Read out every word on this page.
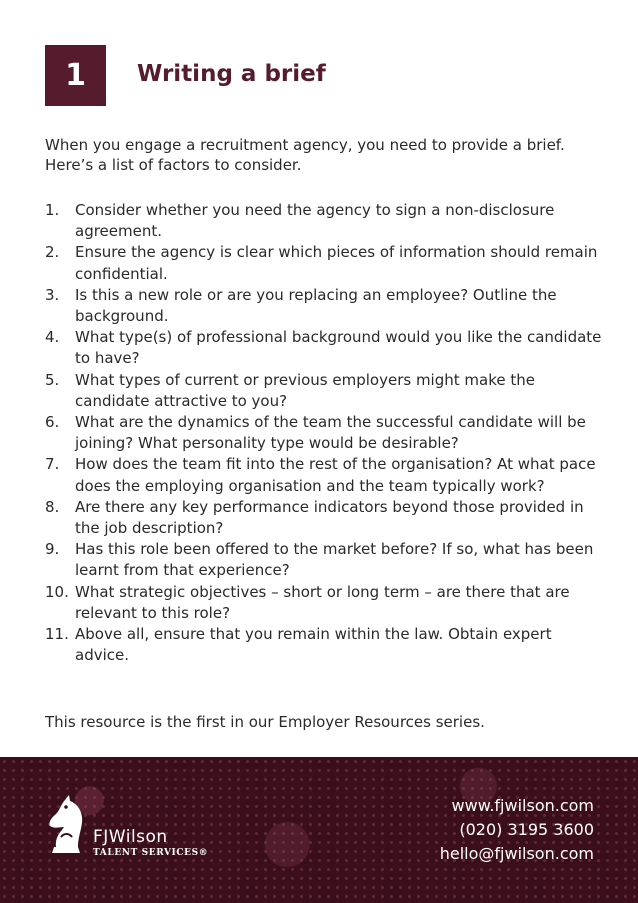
1 Writing a brief

When you engage a recruitment agency, you need to provide a brief. Here’s a list of factors to consider.

1.	Consider whether you need the agency to sign a non-disclosure agreement.
2.	Ensure the agency is clear which pieces of information should remain confidential.
3.	Is this a new role or are you replacing an employee? Outline the background.
4.	What type(s) of professional background would you like the candidate to have?
5.	What types of current or previous employers might make the candidate attractive to you?
6.	What are the dynamics of the team the successful candidate will be joining? What personality type would be desirable?
7.	How does the team fit into the rest of the organisation? At what pace does the employing organisation and the team typically work?
8.	Are there any key performance indicators beyond those provided in the job description?
9.	Has this role been offered to the market before? If so, what has been learnt from that experience?
10. What strategic objectives – short or long term – are there that are relevant to this role?
11. Above all, ensure that you remain within the law. Obtain expert advice.

This resource is the first in our Employer Resources series.

FJWilson
TALENT SERVICES®
www.fjwilson.com
(020) 3195 3600
hello@fjwilson.com
